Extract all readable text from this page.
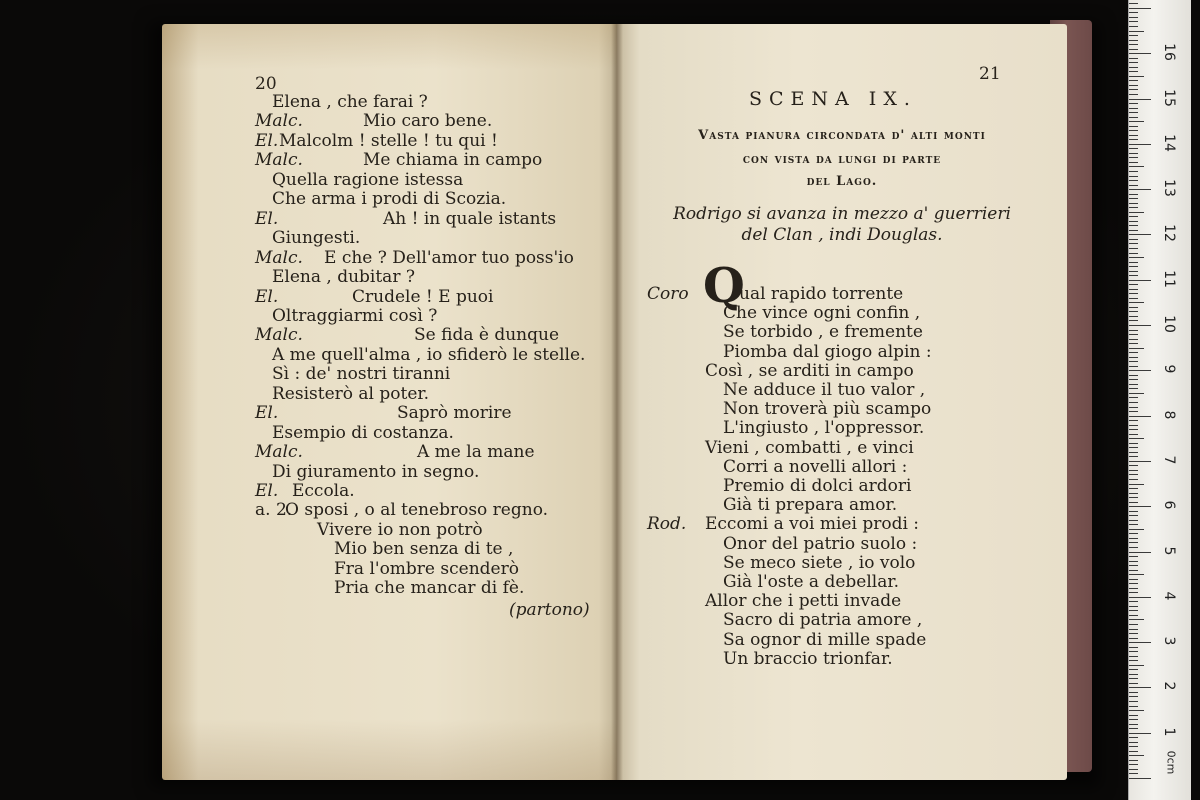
20
Elena , che farai ?
Malc.	Mio caro bene.
El. Malcolm ! stelle ! tu qui !
Malc.	Me chiama in campo
Quella ragione istessa
Che arma i prodi di Scozia.
El.	Ah ! in quale istants
Giungesti.
Malc. E che ? Dell'amor tuo poss'io
Elena , dubitar ?
El.	Crudele ! E puoi
Oltraggiarmi così ?
Malc.	Se fida è dunque
A me quell'alma , io sfiderò le stelle.
Sì : de' nostri tiranni
Resisterò al poter.
El.	Saprò morire
Esempio di costanza.
Malc.	A me la mane
Di giuramento in segno.
El. Eccola.
a. 2.
O sposi , o al tenebroso regno.
Vivere io non potrò
Mio ben senza di te ,
Fra l'ombre scenderò
Pria che mancar di fè.
(partono)
21
SCENA IX.
Vasta pianura circondata d' alti monti
con vista da lungi di parte
del Lago.
Rodrigo si avanza in mezzo a' guerrieri
del Clan , indi Douglas.
Coro Q
ual rapido torrente
Che vince ogni confin ,
Se torbido , e fremente
Piomba dal giogo alpin :
Così , se arditi in campo
Ne adduce il tuo valor ,
Non troverà più scampo
L'ingiusto , l'oppressor.
Vieni , combatti , e vinci
Corri a novelli allori :
Premio di dolci ardori
Già ti prepara amor.
Rod. Eccomi a voi miei prodi :
Onor del patrio suolo :
Se meco siete , io volo
Già l'oste a debellar.
Allor che i petti invade
Sacro di patria amore ,
Sa ognor di mille spade
Un braccio trionfar.
0cm
1
2
3
4
5
6
7
8
9
10
11
12
13
14
15
16
